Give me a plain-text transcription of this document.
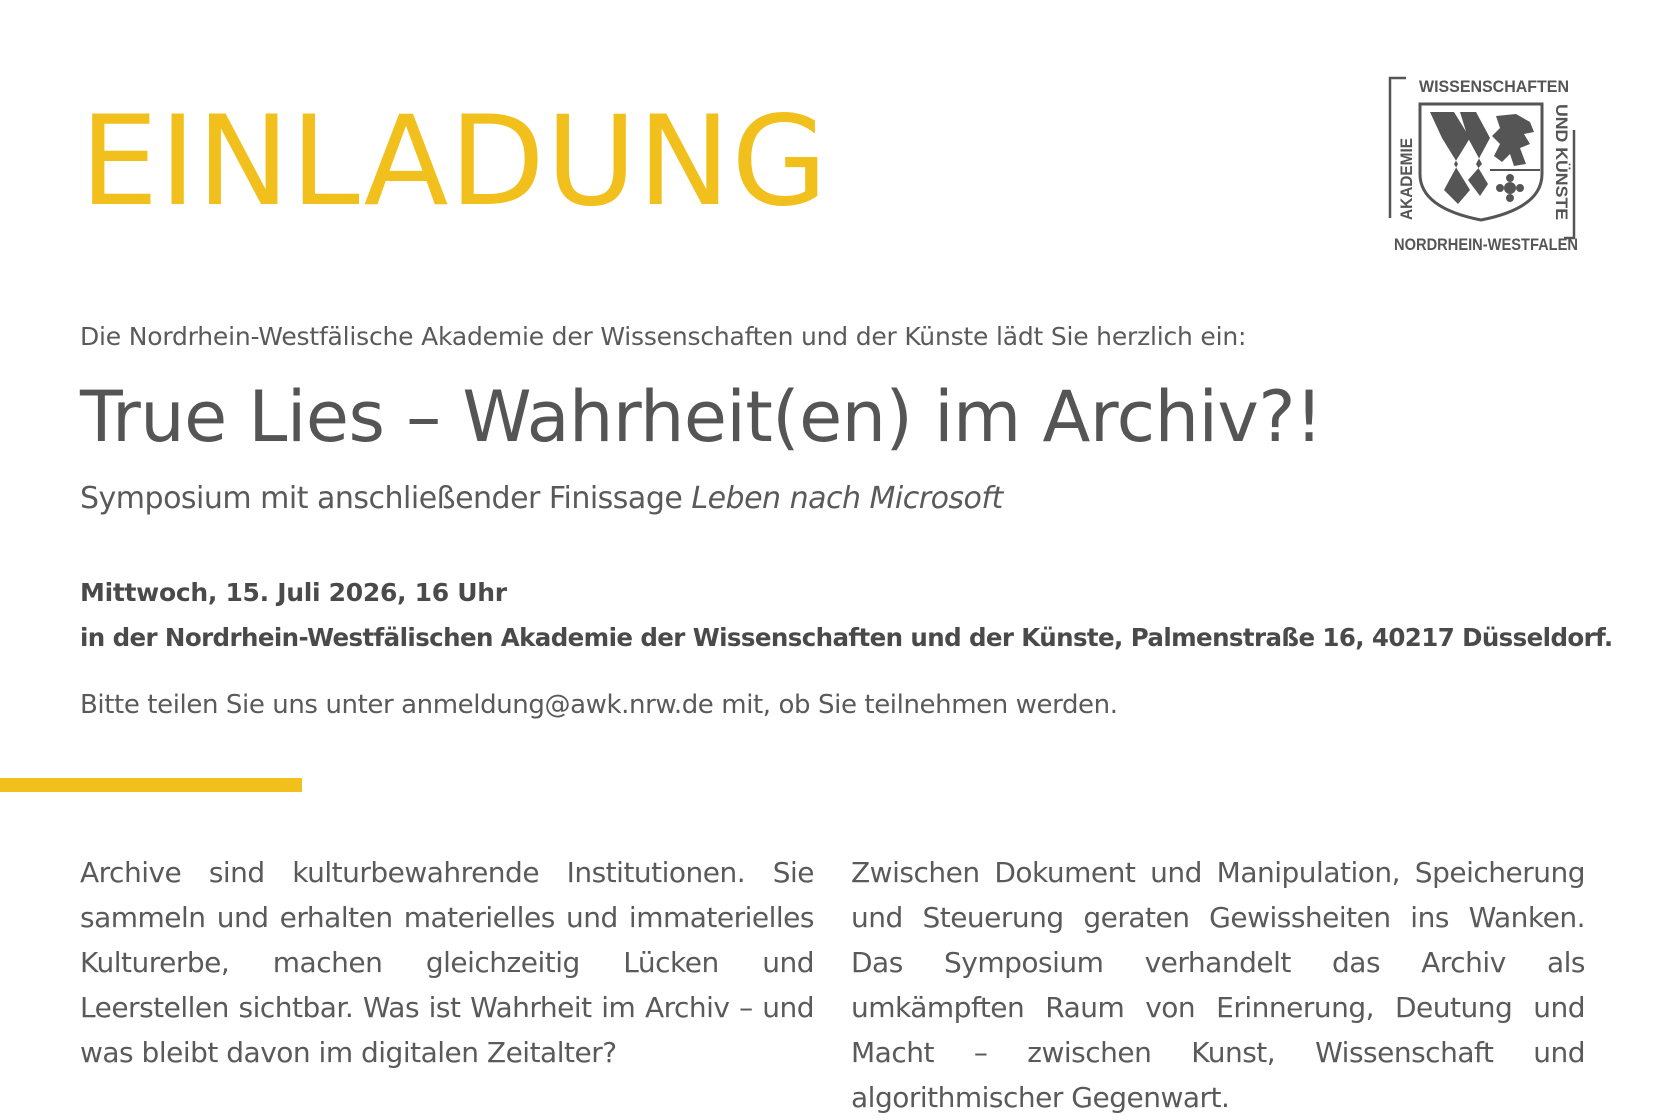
EINLADUNG
WISSENSCHAFTEN
NORDRHEIN-WESTFALEN
UND KÜNSTE
AKADEMIE
Die Nordrhein-Westfälische Akademie der Wissenschaften und der Künste lädt Sie herzlich ein:
True Lies – Wahrheit(en) im Archiv?!
Symposium mit anschließender Finissage Leben nach Microsoft
Mittwoch, 15. Juli 2026, 16 Uhr
in der Nordrhein-Westfälischen Akademie der Wissenschaften und der Künste, Palmenstraße 16, 40217 Düsseldorf.
Bitte teilen Sie uns unter anmeldung@awk.nrw.de mit, ob Sie teilnehmen werden.

Archive sind kulturbewahrende Institutionen. Sie sammeln und erhalten materielles und immaterielles Kulturerbe, machen gleichzeitig Lücken und Leerstellen sichtbar. Was ist Wahrheit im Archiv – und was bleibt davon im digitalen Zeitalter?

Zwischen Dokument und Manipulation, Speicherung und Steuerung geraten Gewissheiten ins Wanken. Das Symposium verhandelt das Archiv als umkämpften Raum von Erinnerung, Deutung und Macht – zwischen Kunst, Wissenschaft und algorithmischer Gegenwart.
